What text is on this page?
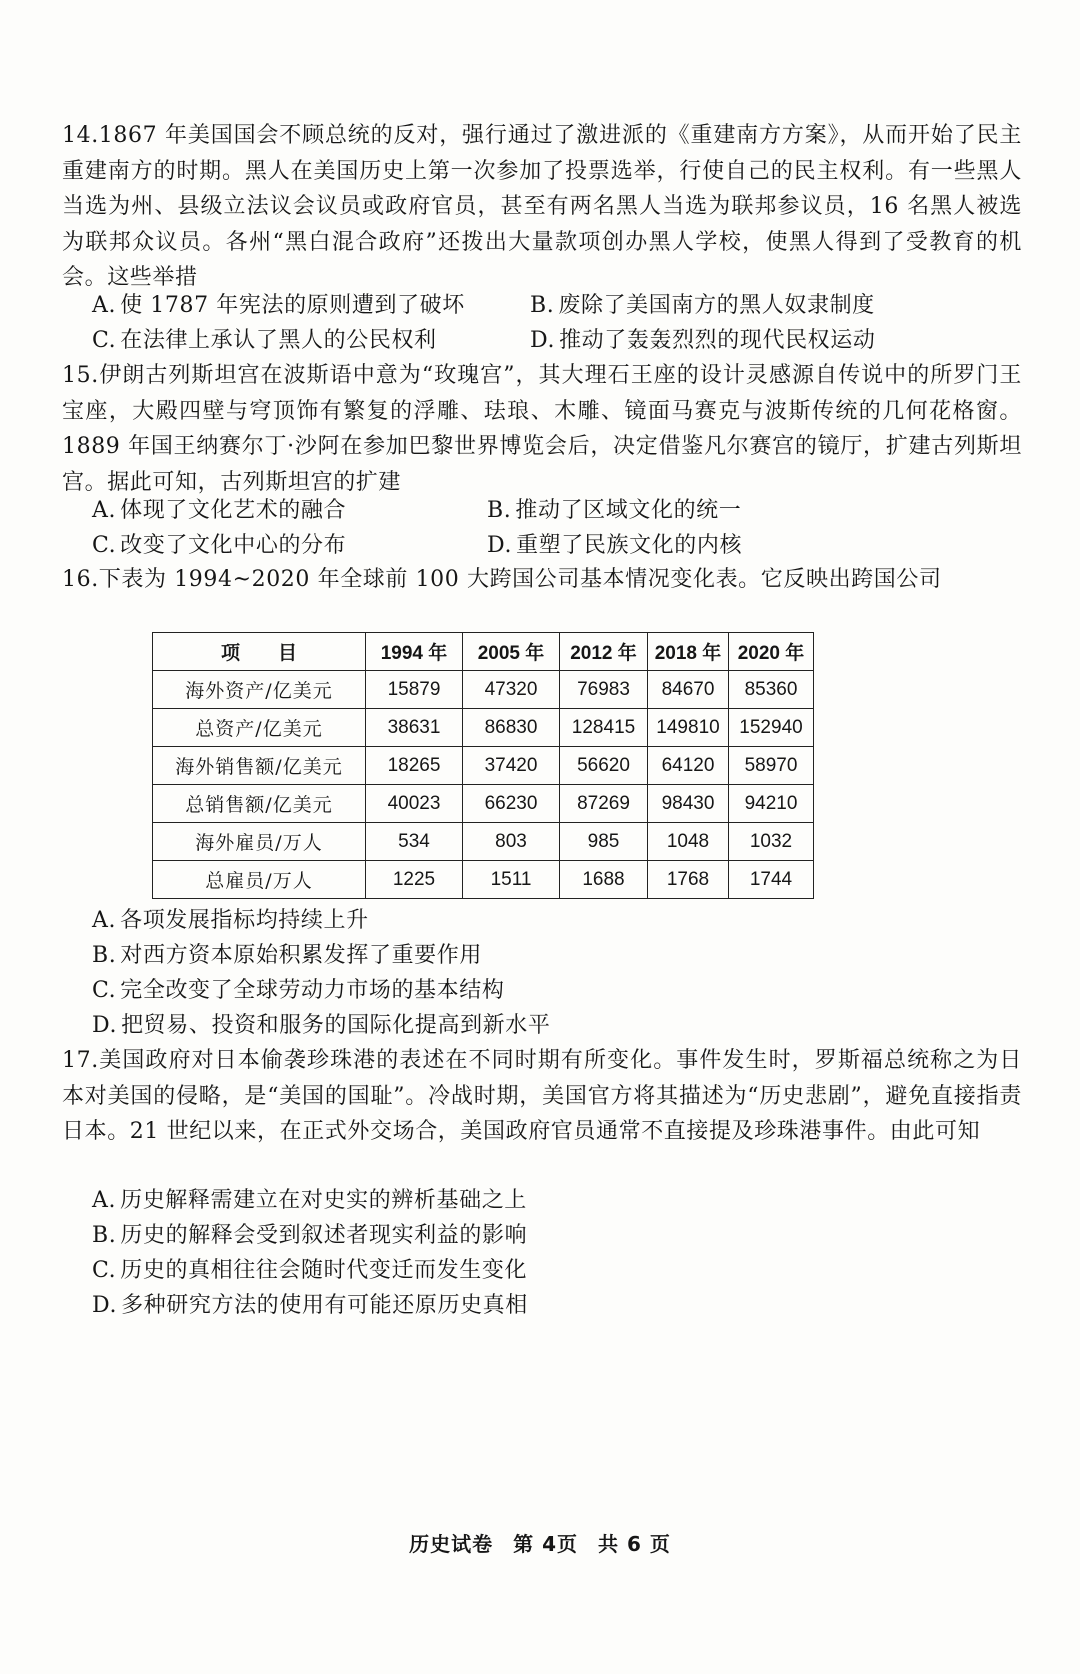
14.1867 年美国国会不顾总统的反对，强行通过了激进派的《重建南方方案》，从而开始了民主重建南方的时期。黑人在美国历史上第一次参加了投票选举，行使自己的民主权利。有一些黑人当选为州、县级立法议会议员或政府官员，甚至有两名黑人当选为联邦参议员，16 名黑人被选为联邦众议员。各州“黑白混合政府”还拨出大量款项创办黑人学校，使黑人得到了受教育的机会。这些举措

A. 使 1787 年宪法的原则遭到了破坏	B. 废除了美国南方的黑人奴隶制度
C. 在法律上承认了黑人的公民权利	D. 推动了轰轰烈烈的现代民权运动

15.伊朗古列斯坦宫在波斯语中意为“玫瑰宫”，其大理石王座的设计灵感源自传说中的所罗门王宝座，大殿四壁与穹顶饰有繁复的浮雕、珐琅、木雕、镜面马赛克与波斯传统的几何花格窗。1889 年国王纳赛尔丁·沙阿在参加巴黎世界博览会后，决定借鉴凡尔赛宫的镜厅，扩建古列斯坦宫。据此可知，古列斯坦宫的扩建

A. 体现了文化艺术的融合	B. 推动了区域文化的统一
C. 改变了文化中心的分布	D. 重塑了民族文化的内核

16.下表为 1994~2020 年全球前 100 大跨国公司基本情况变化表。它反映出跨国公司

项　　目	1994 年	2005 年	2012 年	2018 年	2020 年
海外资产/亿美元	15879	47320	76983	84670	85360
总资产/亿美元	38631	86830	128415	149810	152940
海外销售额/亿美元	18265	37420	56620	64120	58970
总销售额/亿美元	40023	66230	87269	98430	94210
海外雇员/万人	534	803	985	1048	1032
总雇员/万人	1225	1511	1688	1768	1744
A. 各项发展指标均持续上升
B. 对西方资本原始积累发挥了重要作用
C. 完全改变了全球劳动力市场的基本结构
D. 把贸易、投资和服务的国际化提高到新水平

17.美国政府对日本偷袭珍珠港的表述在不同时期有所变化。事件发生时，罗斯福总统称之为日本对美国的侵略，是“美国的国耻”。冷战时期，美国官方将其描述为“历史悲剧”，避免直接指责日本。21 世纪以来，在正式外交场合，美国政府官员通常不直接提及珍珠港事件。由此可知

A. 历史解释需建立在对史实的辨析基础之上
B. 历史的解释会受到叙述者现实利益的影响
C. 历史的真相往往会随时代变迁而发生变化
D. 多种研究方法的使用有可能还原历史真相
历史试卷 第 4页 共 6 页
